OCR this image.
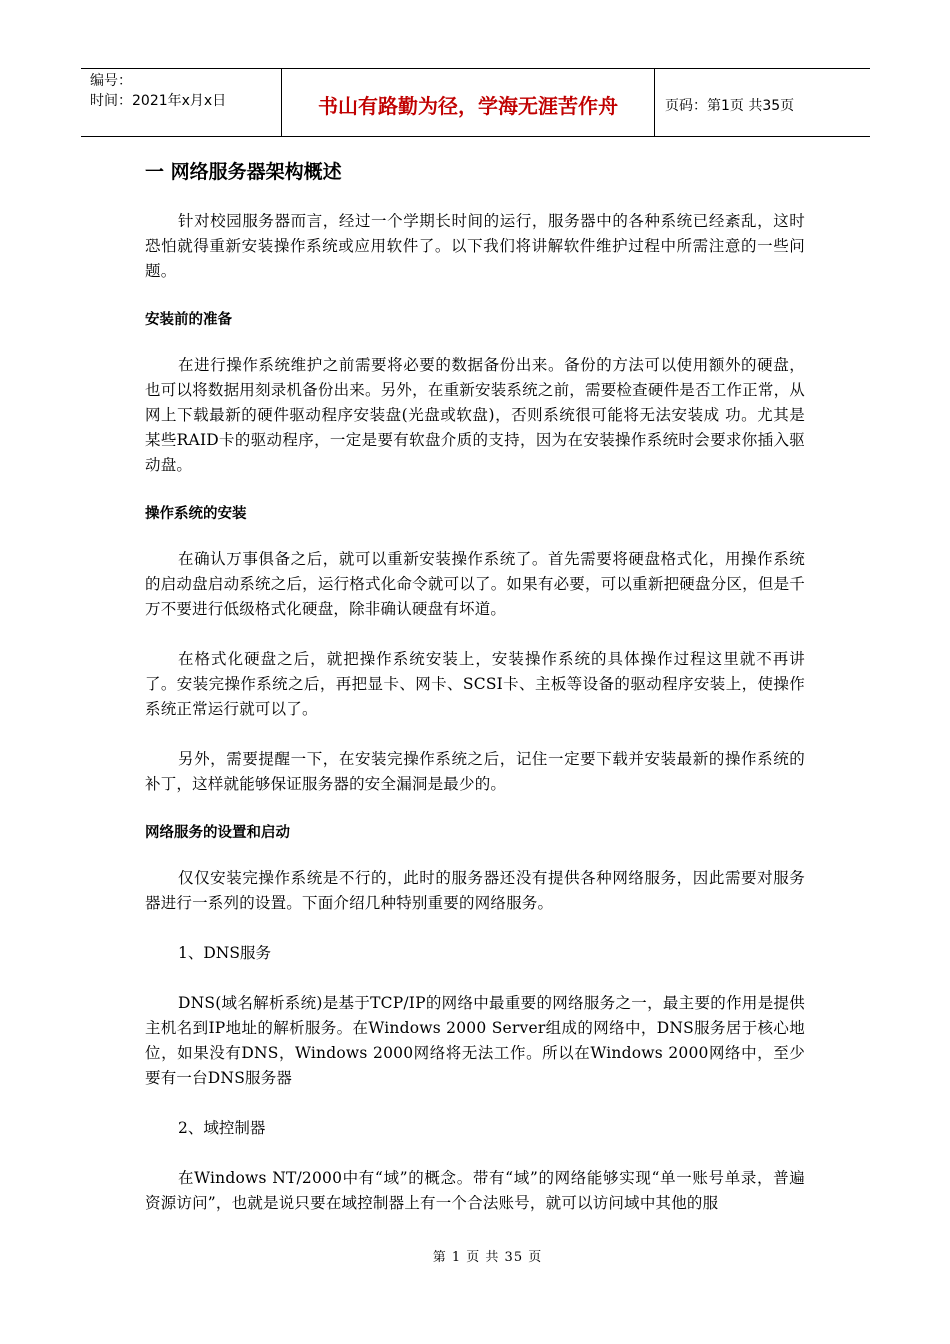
编号：
时间：2021年x月x日	书山有路勤为径，学海无涯苦作舟	页码：第1页 共35页
一 网络服务器架构概述

针对校园服务器而言，经过一个学期长时间的运行，服务器中的各种系统已经紊乱，这时恐怕就得重新安装操作系统或应用软件了。以下我们将讲解软件维护过程中所需注意的一些问题。

安装前的准备

在进行操作系统维护之前需要将必要的数据备份出来。备份的方法可以使用额外的硬盘，也可以将数据用刻录机备份出来。另外，在重新安装系统之前，需要检查硬件是否工作正常，从网上下载最新的硬件驱动程序安装盘(光盘或软盘)，否则系统很可能将无法安装成 功。尤其是某些RAID卡的驱动程序，一定是要有软盘介质的支持，因为在安装操作系统时会要求你插入驱动盘。

操作系统的安装

在确认万事俱备之后，就可以重新安装操作系统了。首先需要将硬盘格式化，用操作系统的启动盘启动系统之后，运行格式化命令就可以了。如果有必要，可以重新把硬盘分区，但是千万不要进行低级格式化硬盘，除非确认硬盘有坏道。

在格式化硬盘之后，就把操作系统安装上，安装操作系统的具体操作过程这里就不再讲了。安装完操作系统之后，再把显卡、网卡、SCSI卡、主板等设备的驱动程序安装上，使操作系统正常运行就可以了。

另外，需要提醒一下，在安装完操作系统之后，记住一定要下载并安装最新的操作系统的补丁，这样就能够保证服务器的安全漏洞是最少的。

网络服务的设置和启动

仅仅安装完操作系统是不行的，此时的服务器还没有提供各种网络服务，因此需要对服务器进行一系列的设置。下面介绍几种特别重要的网络服务。

1、DNS服务

DNS(域名解析系统)是基于TCP/IP的网络中最重要的网络服务之一，最主要的作用是提供主机名到IP地址的解析服务。在Windows 2000 Server组成的网络中，DNS服务居于核心地位，如果没有DNS，Windows 2000网络将无法工作。所以在Windows 2000网络中，至少要有一台DNS服务器

2、域控制器

在Windows NT/2000中有“域”的概念。带有“域”的网络能够实现“单一账号单录，普遍资源访问”，也就是说只要在域控制器上有一个合法账号，就可以访问域中其他的服

第 1 页 共 35 页
